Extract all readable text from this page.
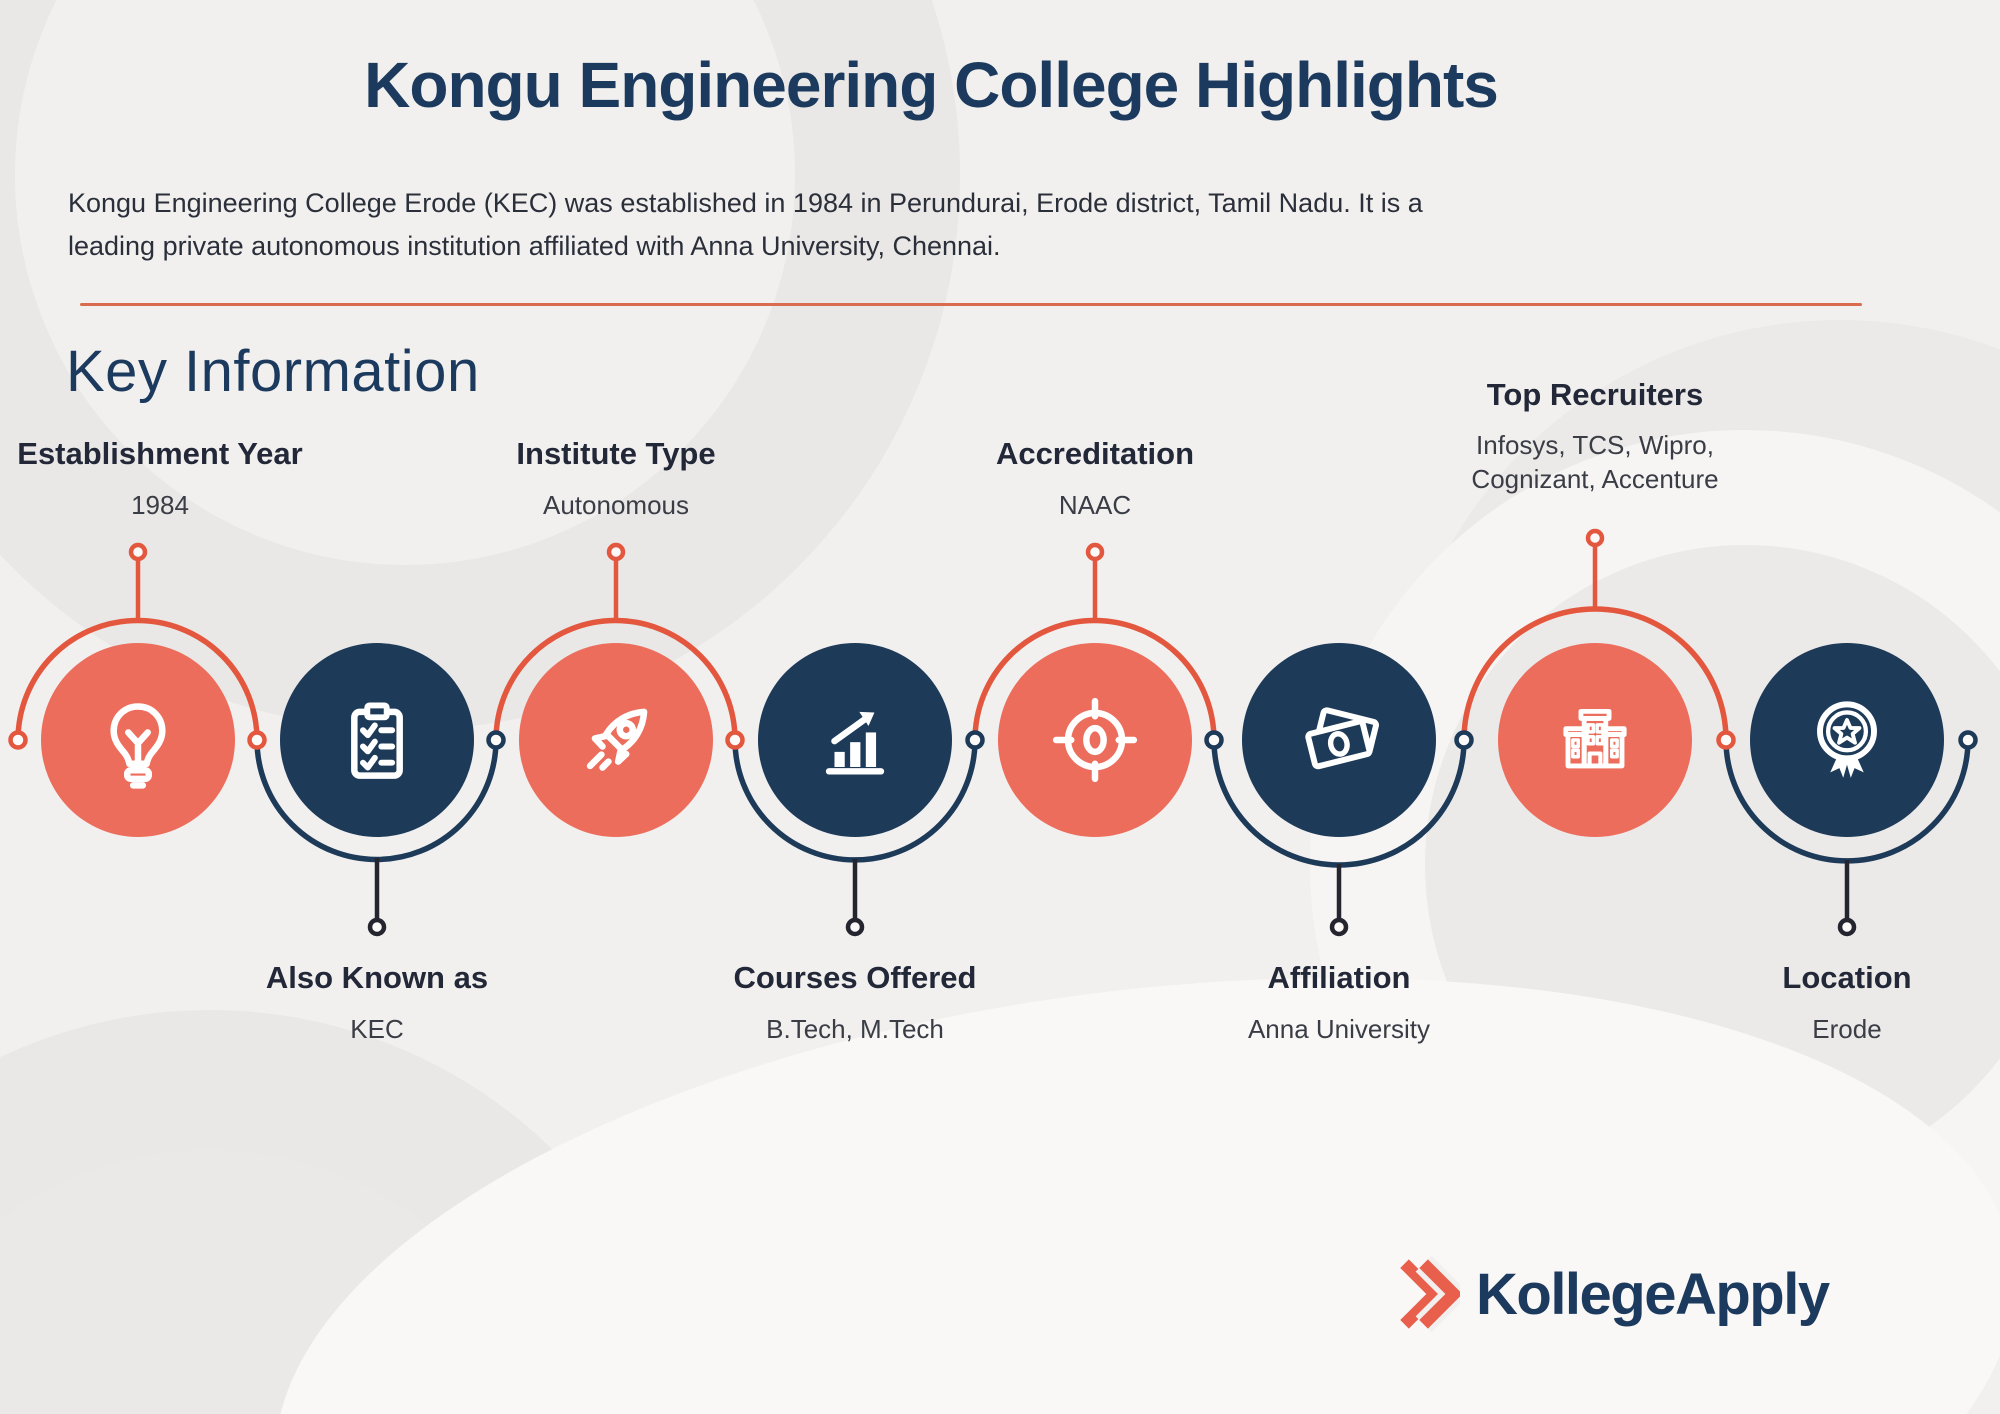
Kongu Engineering College Highlights
Kongu Engineering College Erode (KEC) was established in 1984 in Perundurai, Erode district, Tamil Nadu. It is a
leading private autonomous institution affiliated with Anna University, Chennai.
Key Information
Establishment Year
1984
Also Known as
KEC
Institute Type
Autonomous
Courses Offered
B.Tech, M.Tech
Accreditation
NAAC
Affiliation
Anna University
Top Recruiters
Infosys, TCS, Wipro,
Cognizant, Accenture
Location
Erode
KollegeApply
